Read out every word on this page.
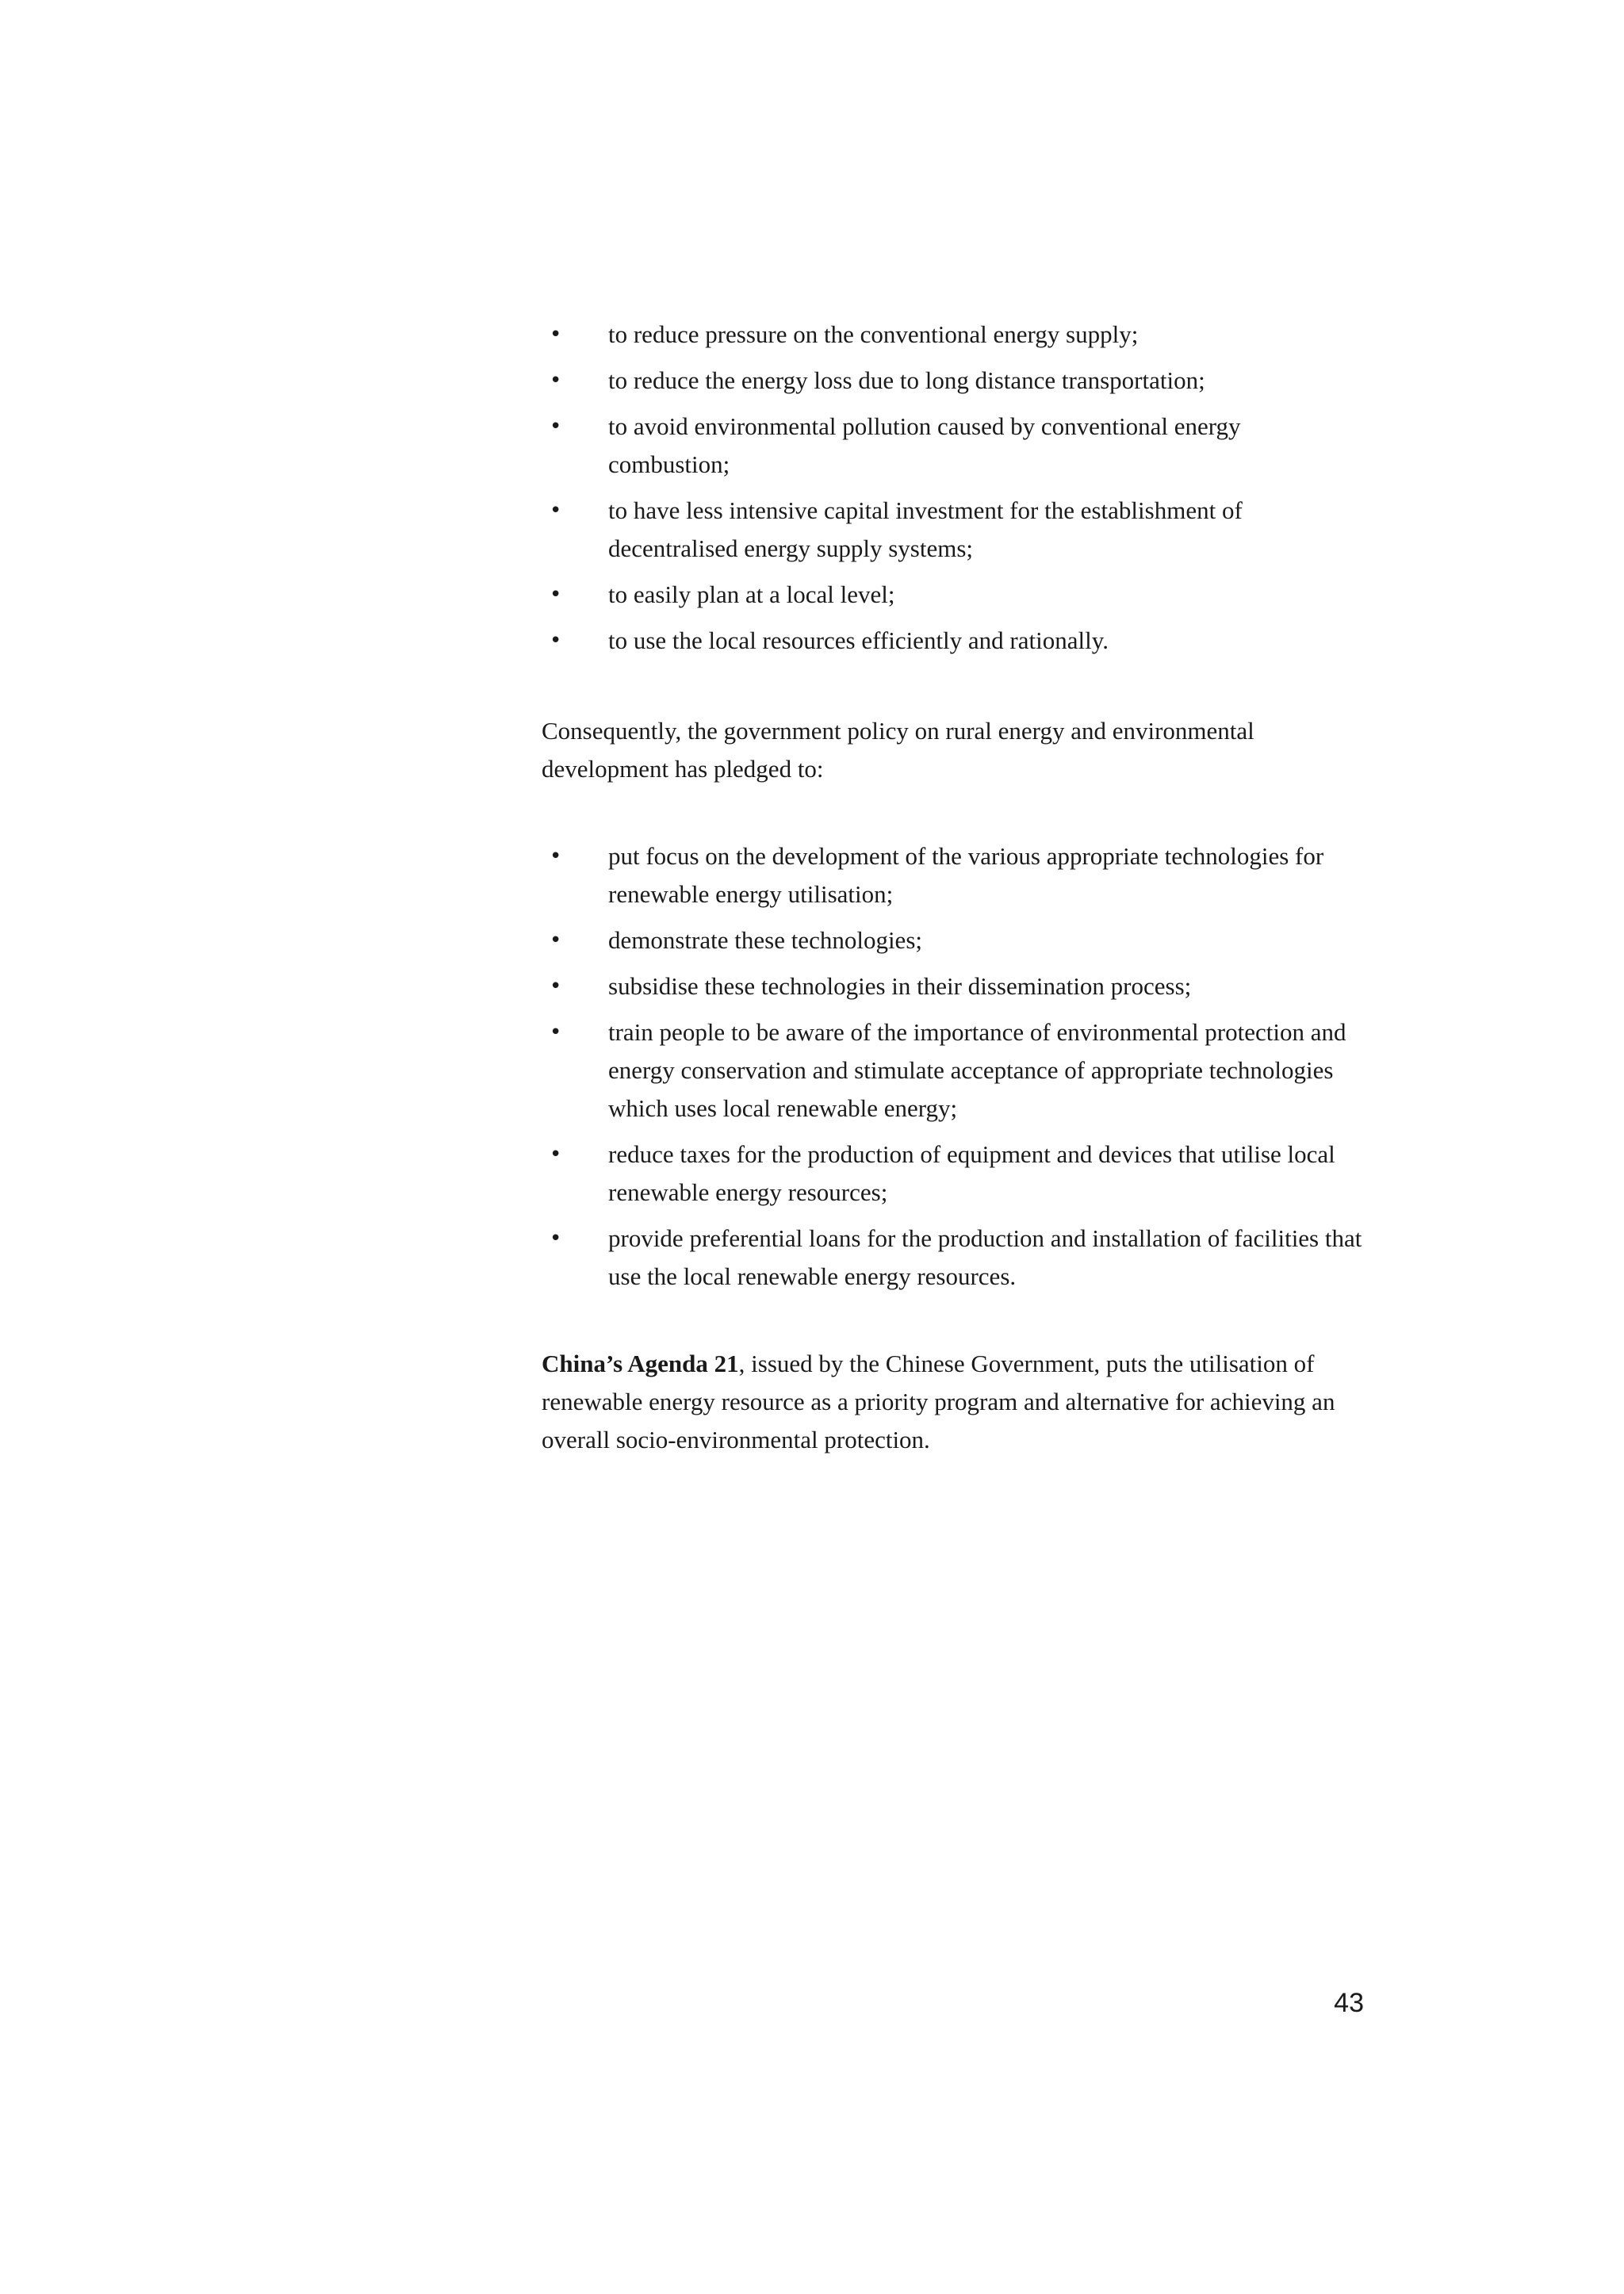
• to reduce pressure on the conventional energy supply;
• to reduce the energy loss due to long distance transportation;
• to avoid environmental pollution caused by conventional energy combustion;
• to have less intensive capital investment for the establishment of decentralised energy supply systems;
• to easily plan at a local level;
• to use the local resources efficiently and rationally.

Consequently, the government policy on rural energy and environmental development has pledged to:

• put focus on the development of the various appropriate technologies for renewable energy utilisation;
• demonstrate these technologies;
• subsidise these technologies in their dissemination process;
• train people to be aware of the importance of environmental protection and energy conservation and stimulate acceptance of appropriate technologies which uses local renewable energy;
• reduce taxes for the production of equipment and devices that utilise local renewable energy resources;
• provide preferential loans for the production and installation of facilities that use the local renewable energy resources.

China’s Agenda 21, issued by the Chinese Government, puts the utilisation of renewable energy resource as a priority program and alternative for achieving an overall socio-environmental protection.

43
